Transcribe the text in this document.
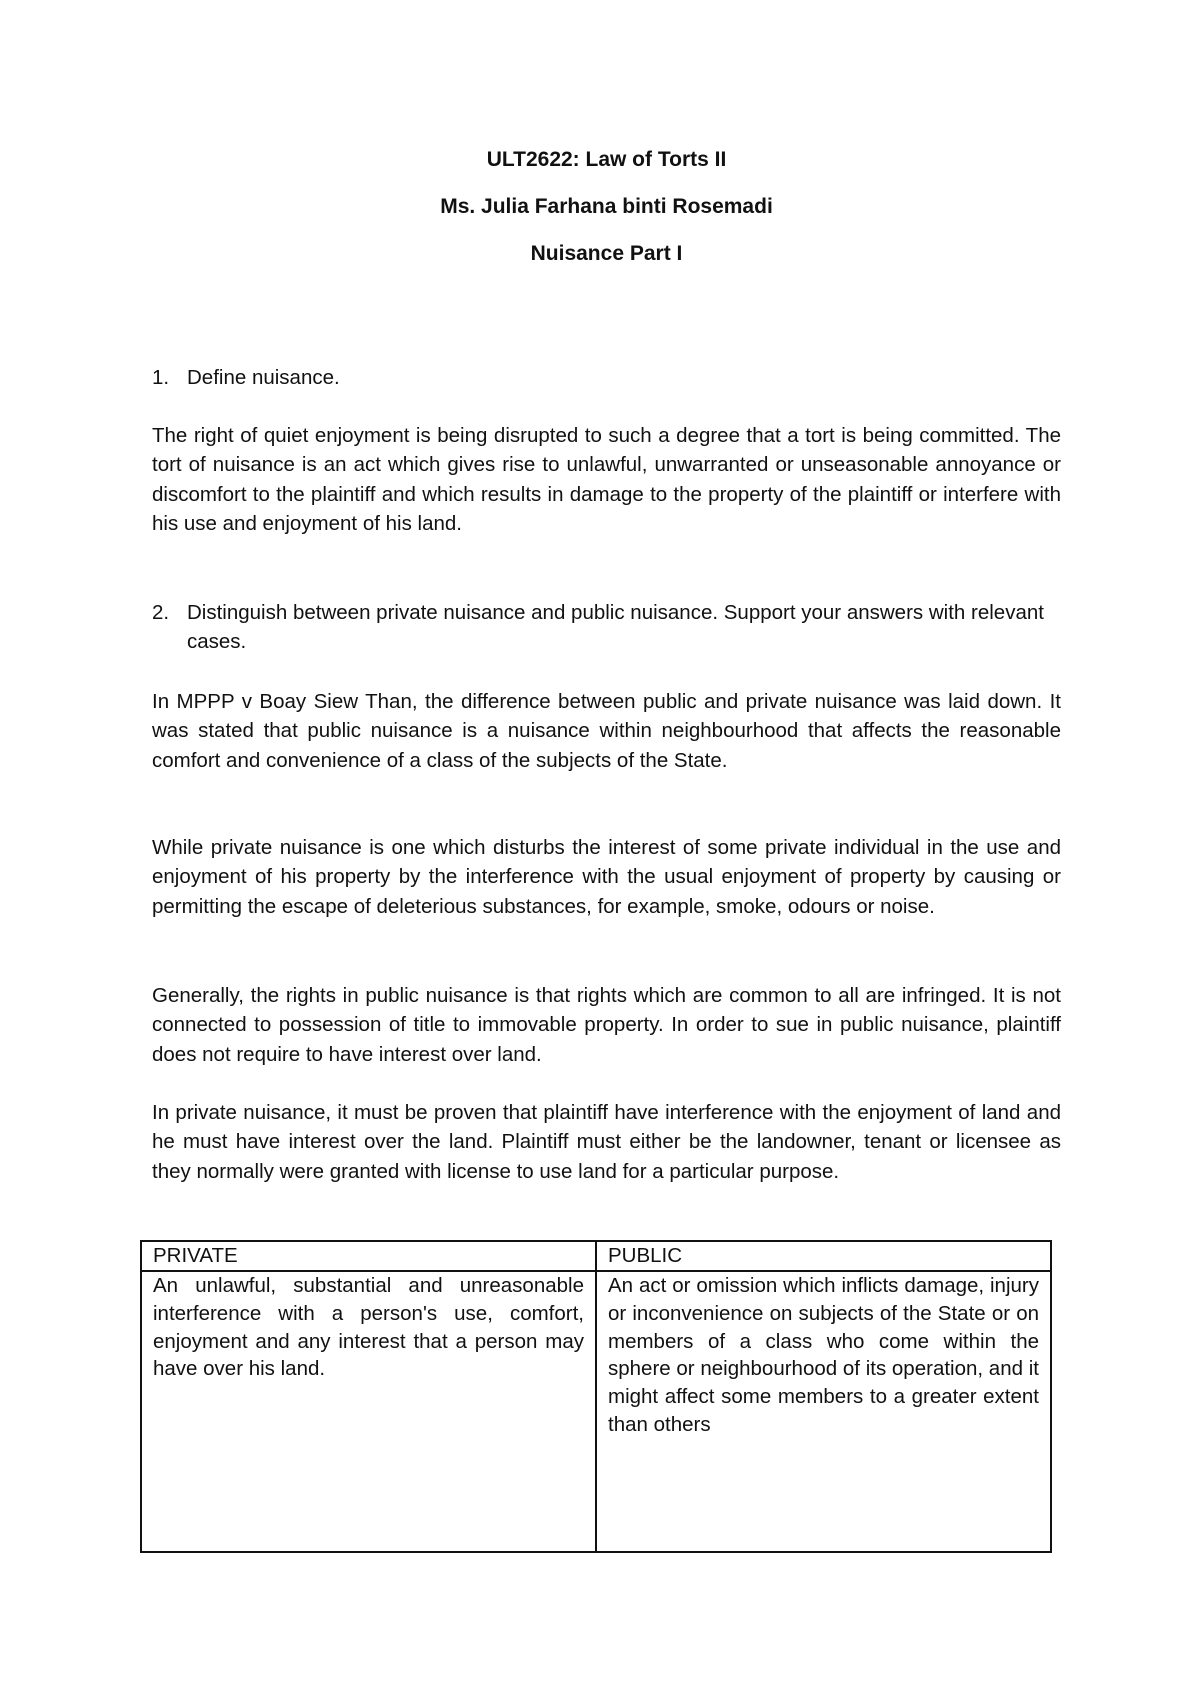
ULT2622: Law of Torts II
Ms. Julia Farhana binti Rosemadi
Nuisance Part I
1. Define nuisance.

The right of quiet enjoyment is being disrupted to such a degree that a tort is being committed. The tort of nuisance is an act which gives rise to unlawful, unwarranted or unseasonable annoyance or discomfort to the plaintiff and which results in damage to the property of the plaintiff or interfere with his use and enjoyment of his land.

2. Distinguish between private nuisance and public nuisance. Support your answers with relevant cases.

In MPPP v Boay Siew Than, the difference between public and private nuisance was laid down. It was stated that public nuisance is a nuisance within neighbourhood that affects the reasonable comfort and convenience of a class of the subjects of the State.

While private nuisance is one which disturbs the interest of some private individual in the use and enjoyment of his property by the interference with the usual enjoyment of property by causing or permitting the escape of deleterious substances, for example, smoke, odours or noise.

Generally, the rights in public nuisance is that rights which are common to all are infringed. It is not connected to possession of title to immovable property. In order to sue in public nuisance, plaintiff does not require to have interest over land.

In private nuisance, it must be proven that plaintiff have interference with the enjoyment of land and he must have interest over the land. Plaintiff must either be the landowner, tenant or licensee as they normally were granted with license to use land for a particular purpose.

PRIVATE	PUBLIC
An unlawful, substantial and unreasonable interference with a person's use, comfort, enjoyment and any interest that a person may have over his land.	An act or omission which inflicts damage, injury or inconvenience on subjects of the State or on members of a class who come within the sphere or neighbourhood of its operation, and it might affect some members to a greater extent than others
